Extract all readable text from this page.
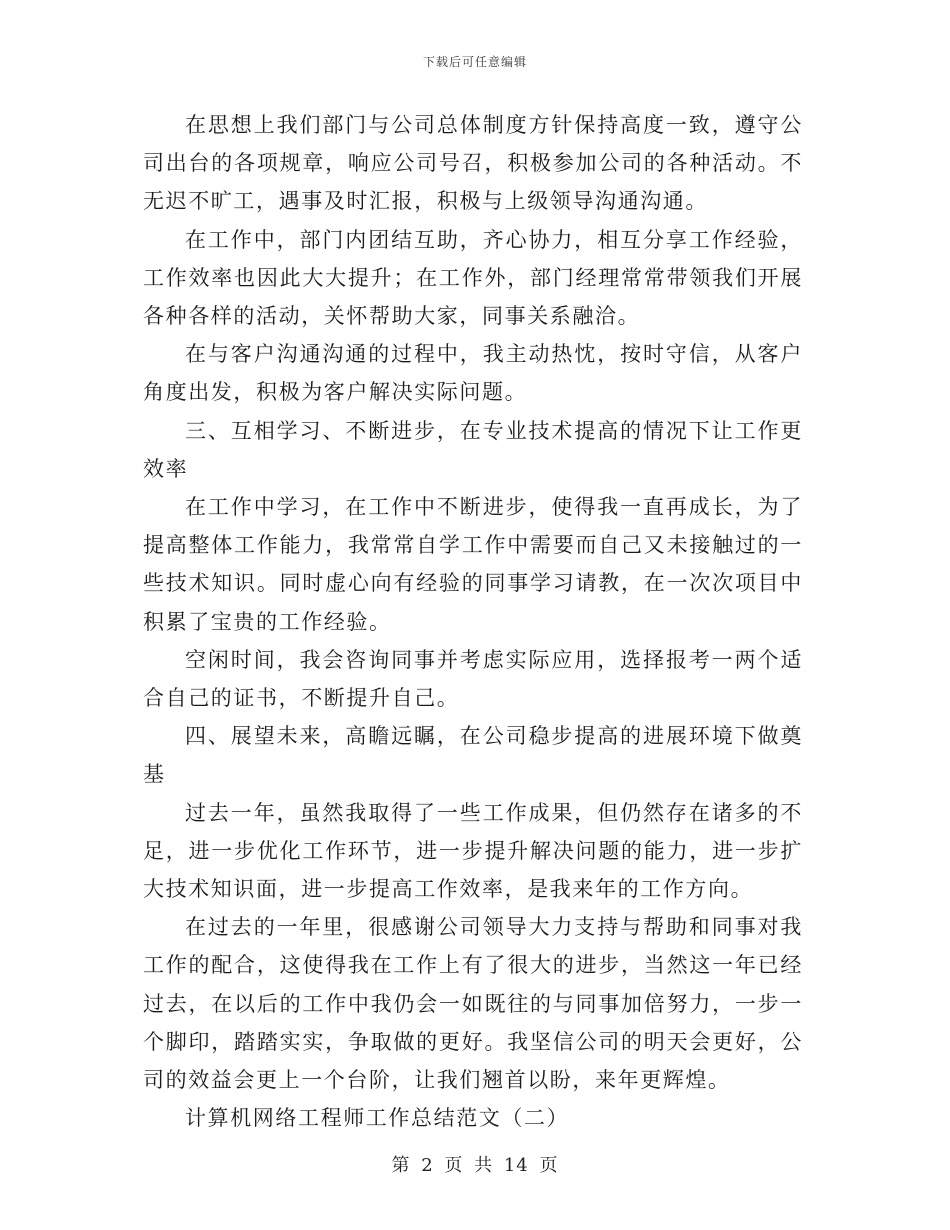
下载后可任意编辑

在思想上我们部门与公司总体制度方针保持高度一致，遵守公司出台的各项规章，响应公司号召，积极参加公司的各种活动。不无迟不旷工，遇事及时汇报，积极与上级领导沟通沟通。

在工作中，部门内团结互助，齐心协力，相互分享工作经验，工作效率也因此大大提升；在工作外，部门经理常常带领我们开展各种各样的活动，关怀帮助大家，同事关系融洽。

在与客户沟通沟通的过程中，我主动热忱，按时守信，从客户角度出发，积极为客户解决实际问题。

三、互相学习、不断进步，在专业技术提高的情况下让工作更效率

在工作中学习，在工作中不断进步，使得我一直再成长，为了提高整体工作能力，我常常自学工作中需要而自己又未接触过的一些技术知识。同时虚心向有经验的同事学习请教，在一次次项目中积累了宝贵的工作经验。

空闲时间，我会咨询同事并考虑实际应用，选择报考一两个适合自己的证书，不断提升自己。

四、展望未来，高瞻远瞩，在公司稳步提高的进展环境下做奠基

过去一年，虽然我取得了一些工作成果，但仍然存在诸多的不足，进一步优化工作环节，进一步提升解决问题的能力，进一步扩大技术知识面，进一步提高工作效率，是我来年的工作方向。

在过去的一年里，很感谢公司领导大力支持与帮助和同事对我工作的配合，这使得我在工作上有了很大的进步，当然这一年已经过去，在以后的工作中我仍会一如既往的与同事加倍努力，一步一个脚印，踏踏实实，争取做的更好。我坚信公司的明天会更好，公司的效益会更上一个台阶，让我们翘首以盼，来年更辉煌。

计算机网络工程师工作总结范文（二）

第 2 页 共 14 页
